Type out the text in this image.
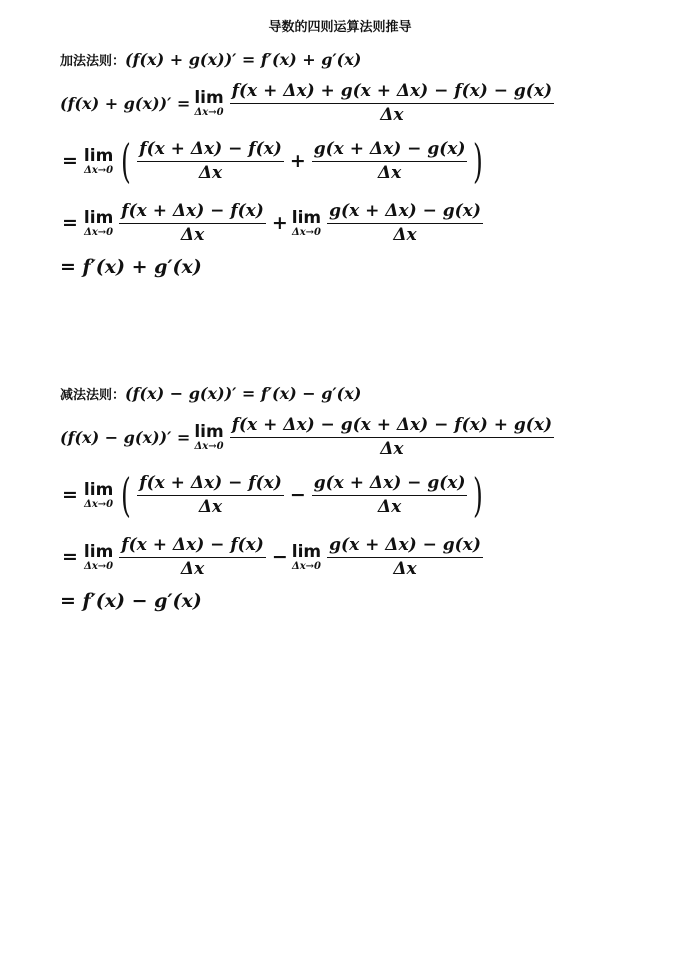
导数的四则运算法则推导
加法法则： (f(x) + g(x))′ = f′(x) + g′(x)
(f(x) + g(x))′ = lim
$\Delta x\to 0 \frac{f(x + \Delta x) + g(x + \Delta x) - f(x) - g(x)}{\Delta x}$
= lim
Δx→0 ( $\frac{f(x + \Delta x) - f(x)}{\Delta x} + \frac{g(x + \Delta x) - g(x)}{\Delta x}$ )
= lim
$\Delta x\to 0 \frac{f(x + \Delta x) - f(x)}{\Delta x} + \lim$
$\Delta x\to 0 \frac{g(x + \Delta x) - g(x)}{\Delta x}$
= f′(x) + g′(x)
减法法则： (f(x) − g(x))′ = f′(x) − g′(x)
(f(x) − g(x))′ = lim
$\Delta x\to 0 \frac{f(x + \Delta x) - g(x + \Delta x) - f(x) + g(x)}{\Delta x}$
= lim
Δx→0 ( $\frac{f(x + \Delta x) - f(x)}{\Delta x} - \frac{g(x + \Delta x) - g(x)}{\Delta x}$ )
= lim
$\Delta x\to 0 \frac{f(x + \Delta x) - f(x)}{\Delta x} - \lim$
$\Delta x\to 0 \frac{g(x + \Delta x) - g(x)}{\Delta x}$
= f′(x) − g′(x)
